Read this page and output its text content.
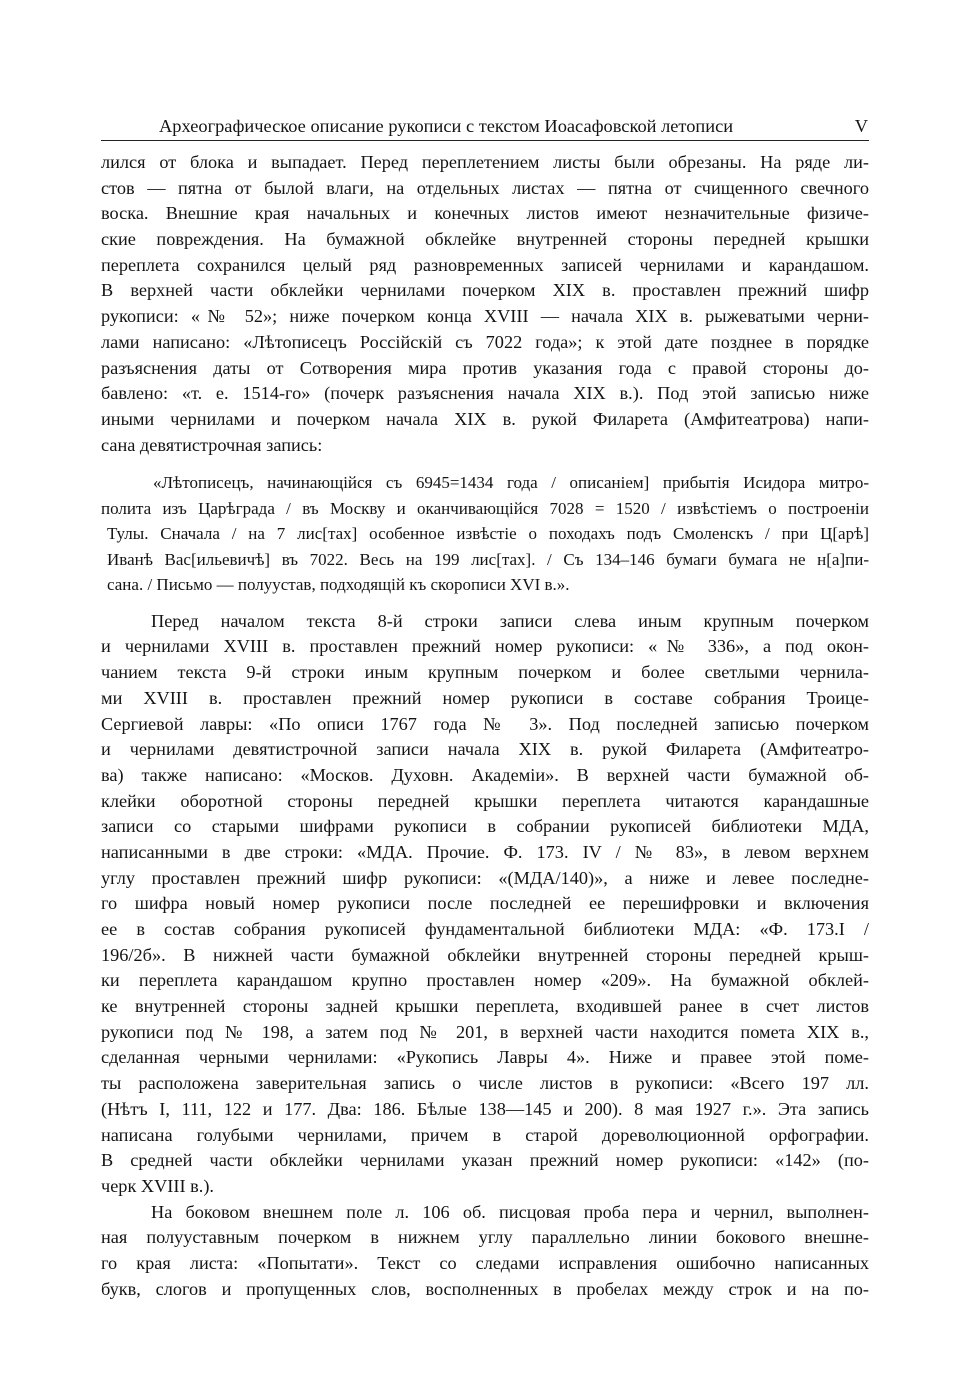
Археографическое описание рукописи с текстом Иоасафовской летописи	V
лился от блока и выпадает. Перед переплетением листы были обрезаны. На ряде ли-
стов — пятна от былой влаги, на отдельных листах — пятна от счищенного свечного
воска. Внешние края начальных и конечных листов имеют незначительные физиче-
ские повреждения. На бумажной обклейке внутренней стороны передней крышки
переплета сохранился целый ряд разновременных записей чернилами и карандашом.
В верхней части обклейки чернилами почерком XIX в. проставлен прежний шифр
рукописи: «№ 52»; ниже почерком конца XVIII — начала XIX в. рыжеватыми черни-
лами написано: «Лѣтописецъ Россiйскiй съ 7022 года»; к этой дате позднее в порядке
разъяснения даты от Сотворения мира против указания года с правой стороны до-
бавлено: «т. е. 1514-го» (почерк разъяснения начала XIX в.). Под этой записью ниже
иными чернилами и почерком начала XIX в. рукой Филарета (Амфитеатрова) напи-
сана девятистрочная запись:
«Лѣтописецъ, начинающiйся съ 6945=1434 года / описанiем] прибытiя Исидора митро-
полита изъ Царѣграда / въ Москву и оканчивающiйся 7028 = 1520 / извѣстiемъ о построенiи
Тулы. Сначала / на 7 лис[тах] особенное извѣстiе о походахъ подъ Смоленскъ / при Ц[арѣ]
Иванѣ Вас[ильевичѣ] въ 7022. Весь на 199 лис[тах]. / Съ 134–146 бумаги бумага не н[а]пи-
сана. / Письмо — полуустав, подходящiй къ скорописи XVI в.».
Перед началом текста 8-й строки записи слева иным крупным почерком
и чернилами XVIII в. проставлен прежний номер рукописи: «№ 336», а под окон-
чанием текста 9-й строки иным крупным почерком и более светлыми чернила-
ми XVIII в. проставлен прежний номер рукописи в составе собрания Троице-
Сергиевой лавры: «По описи 1767 года № 3». Под последней записью почерком
и чернилами девятистрочной записи начала XIX в. рукой Филарета (Амфитеатро-
ва) также написано: «Москов. Духовн. Академiи». В верхней части бумажной об-
клейки оборотной стороны передней крышки переплета читаются карандашные
записи со старыми шифрами рукописи в собрании рукописей библиотеки МДА,
написанными в две строки: «МДА. Прочие. Ф. 173. IV / № 83», в левом верхнем
углу проставлен прежний шифр рукописи: «(МДА/140)», а ниже и левее последне-
го шифра новый номер рукописи после последней ее перешифровки и включения
ее в состав собрания рукописей фундаментальной библиотеки МДА: «Ф. 173.I /
196/2б». В нижней части бумажной обклейки внутренней стороны передней крыш-
ки переплета карандашом крупно проставлен номер «209». На бумажной обклей-
ке внутренней стороны задней крышки переплета, входившей ранее в счет листов
рукописи под № 198, а затем под № 201, в верхней части находится помета XIX в.,
сделанная черными чернилами: «Рукопись Лавры 4». Ниже и правее этой поме-
ты расположена заверительная запись о числе листов в рукописи: «Всего 197 лл.
(Нѣтъ I, 111, 122 и 177. Два: 186. Бѣлые 138—145 и 200). 8 мая 1927 г.». Эта запись
написана голубыми чернилами, причем в старой дореволюционной орфографии.
В средней части обклейки чернилами указан прежний номер рукописи: «142» (по-
черк XVIII в.).
На боковом внешнем поле л. 106 об. писцовая проба пера и чернил, выполнен-
ная полууставным почерком в нижнем углу параллельно линии бокового внешне-
го края листа: «Попытати». Текст со следами исправления ошибочно написанных
букв, слогов и пропущенных слов, восполненных в пробелах между строк и на по-
